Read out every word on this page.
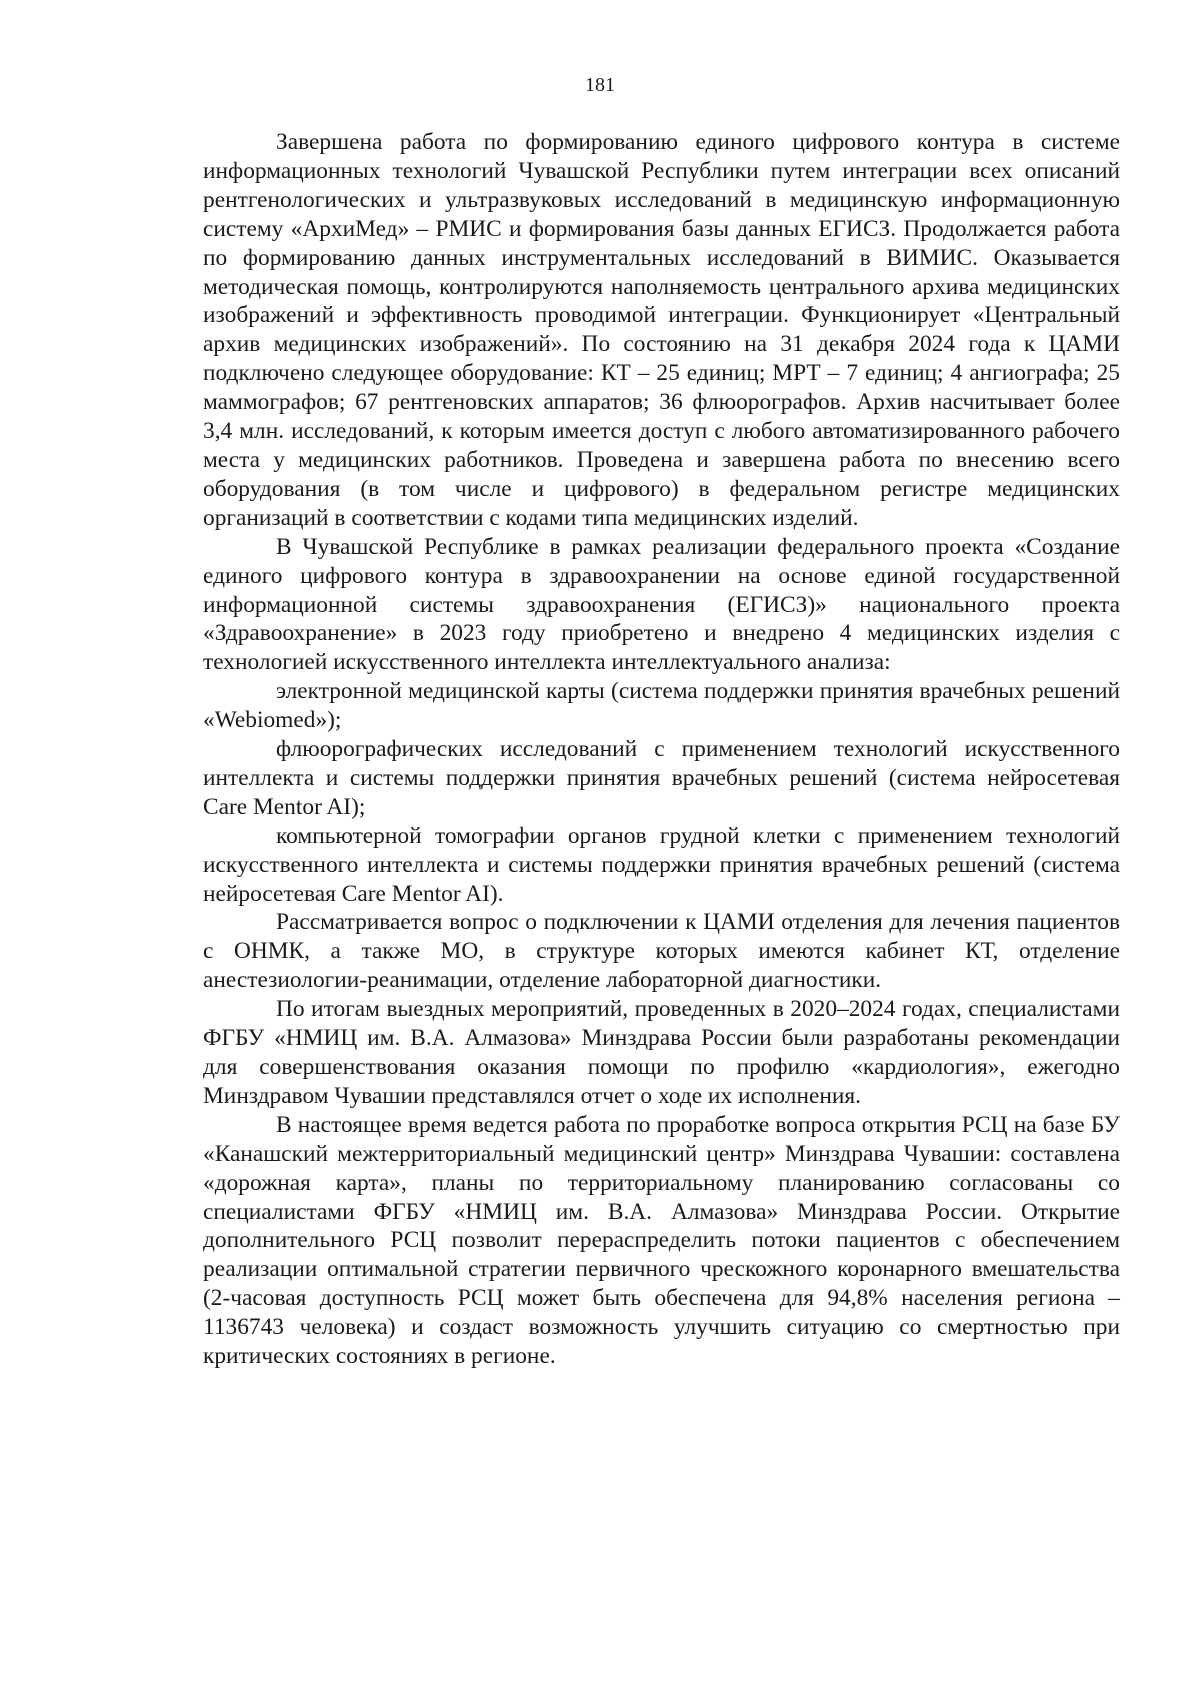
181

Завершена работа по формированию единого цифрового контура в системе информационных технологий Чувашской Республики путем интеграции всех описаний рентгенологических и ультразвуковых исследований в медицинскую информационную систему «АрхиМед» – РМИС и формирования базы данных ЕГИСЗ. Продолжается работа по формированию данных инструментальных исследований в ВИМИС. Оказывается методическая помощь, контролируются наполняемость центрального архива медицинских изображений и эффективность проводимой интеграции. Функционирует «Центральный архив медицинских изображений». По состоянию на 31 декабря 2024 года к ЦАМИ подключено следующее оборудование: КТ – 25 единиц; МРТ – 7 единиц; 4 ангиографа; 25 маммографов; 67 рентгеновских аппаратов; 36 флюорографов. Архив насчитывает более 3,4 млн. исследований, к которым имеется доступ с любого автоматизированного рабочего места у медицинских работников. Проведена и завершена работа по внесению всего оборудования (в том числе и цифрового) в федеральном регистре медицинских организаций в соответствии с кодами типа медицинских изделий.

В Чувашской Республике в рамках реализации федерального проекта «Создание единого цифрового контура в здравоохранении на основе единой государственной информационной системы здравоохранения (ЕГИСЗ)» национального проекта «Здравоохранение» в 2023 году приобретено и внедрено 4 медицинских изделия с технологией искусственного интеллекта интеллектуального анализа:

электронной медицинской карты (система поддержки принятия врачебных решений «Webiomed»);

флюорографических исследований с применением технологий искусственного интеллекта и системы поддержки принятия врачебных решений (система нейросетевая Care Mentor AI);

компьютерной томографии органов грудной клетки с применением технологий искусственного интеллекта и системы поддержки принятия врачебных решений (система нейросетевая Care Mentor AI).

Рассматривается вопрос о подключении к ЦАМИ отделения для лечения пациентов с ОНМК, а также МО, в структуре которых имеются кабинет КТ, отделение анестезиологии-реанимации, отделение лабораторной диагностики.

По итогам выездных мероприятий, проведенных в 2020–2024 годах, специалистами ФГБУ «НМИЦ им. В.А. Алмазова» Минздрава России были разработаны рекомендации для совершенствования оказания помощи по профилю «кардиология», ежегодно Минздравом Чувашии представлялся отчет о ходе их исполнения.

В настоящее время ведется работа по проработке вопроса открытия РСЦ на базе БУ «Канашский межтерриториальный медицинский центр» Минздрава Чувашии: составлена «дорожная карта», планы по территориальному планированию согласованы со специалистами ФГБУ «НМИЦ им. В.А. Алмазова» Минздрава России. Открытие дополнительного РСЦ позволит перераспределить потоки пациентов с обеспечением реализации оптимальной стратегии первичного чрескожного коронарного вмешательства (2-часовая доступность РСЦ может быть обеспечена для 94,8% населения региона – 1136743 человека) и создаст возможность улучшить ситуацию со смертностью при критических состояниях в регионе.
